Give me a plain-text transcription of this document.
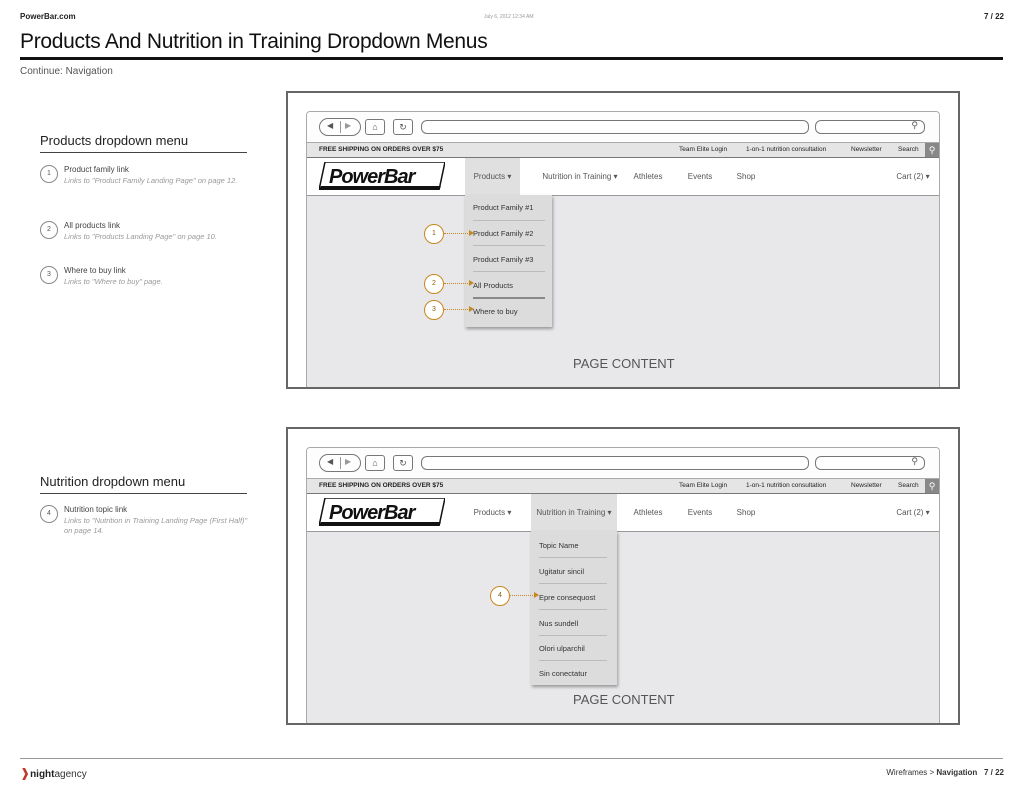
PowerBar.com	July 6, 2012 12:34 AM	7 / 22
Products And Nutrition in Training Dropdown Menus
Continue: Navigation
Products dropdown menu
1	Product family link
Links to "Product Family Landing Page" on page 12.
2	All products link
Links to "Products Landing Page" on page 10.
3	Where to buy link
Links to "Where to buy" page.
Nutrition dropdown menu
4	Nutrition topic link
Links to "Nutrition in Training Landing Page (First Half)" on page 14.
◀ ▶	⌂	↻	⚲
FREE SHIPPING ON ORDERS OVER $75	Team Elite Login	1-on-1 nutrition consultation	Newsletter	Search	⚲
PowerBar	Products ▾	Nutrition in Training ▾	Athletes	Events	Shop	Cart (2) ▾
Product Family #1
Product Family #2
Product Family #3
All Products
Where to buy
PAGE CONTENT
1
2
3
◀ ▶	⌂	↻	⚲
FREE SHIPPING ON ORDERS OVER $75	Team Elite Login	1-on-1 nutrition consultation	Newsletter	Search	⚲
PowerBar	Products ▾	Nutrition in Training ▾	Athletes	Events	Shop	Cart (2) ▾
Topic Name
Ugitatur sincil
Epre consequost
Nus sundell
Olori ulparchil
Sin conectatur
PAGE CONTENT
4
❱nightagency	Wireframes > Navigation 7 / 22
